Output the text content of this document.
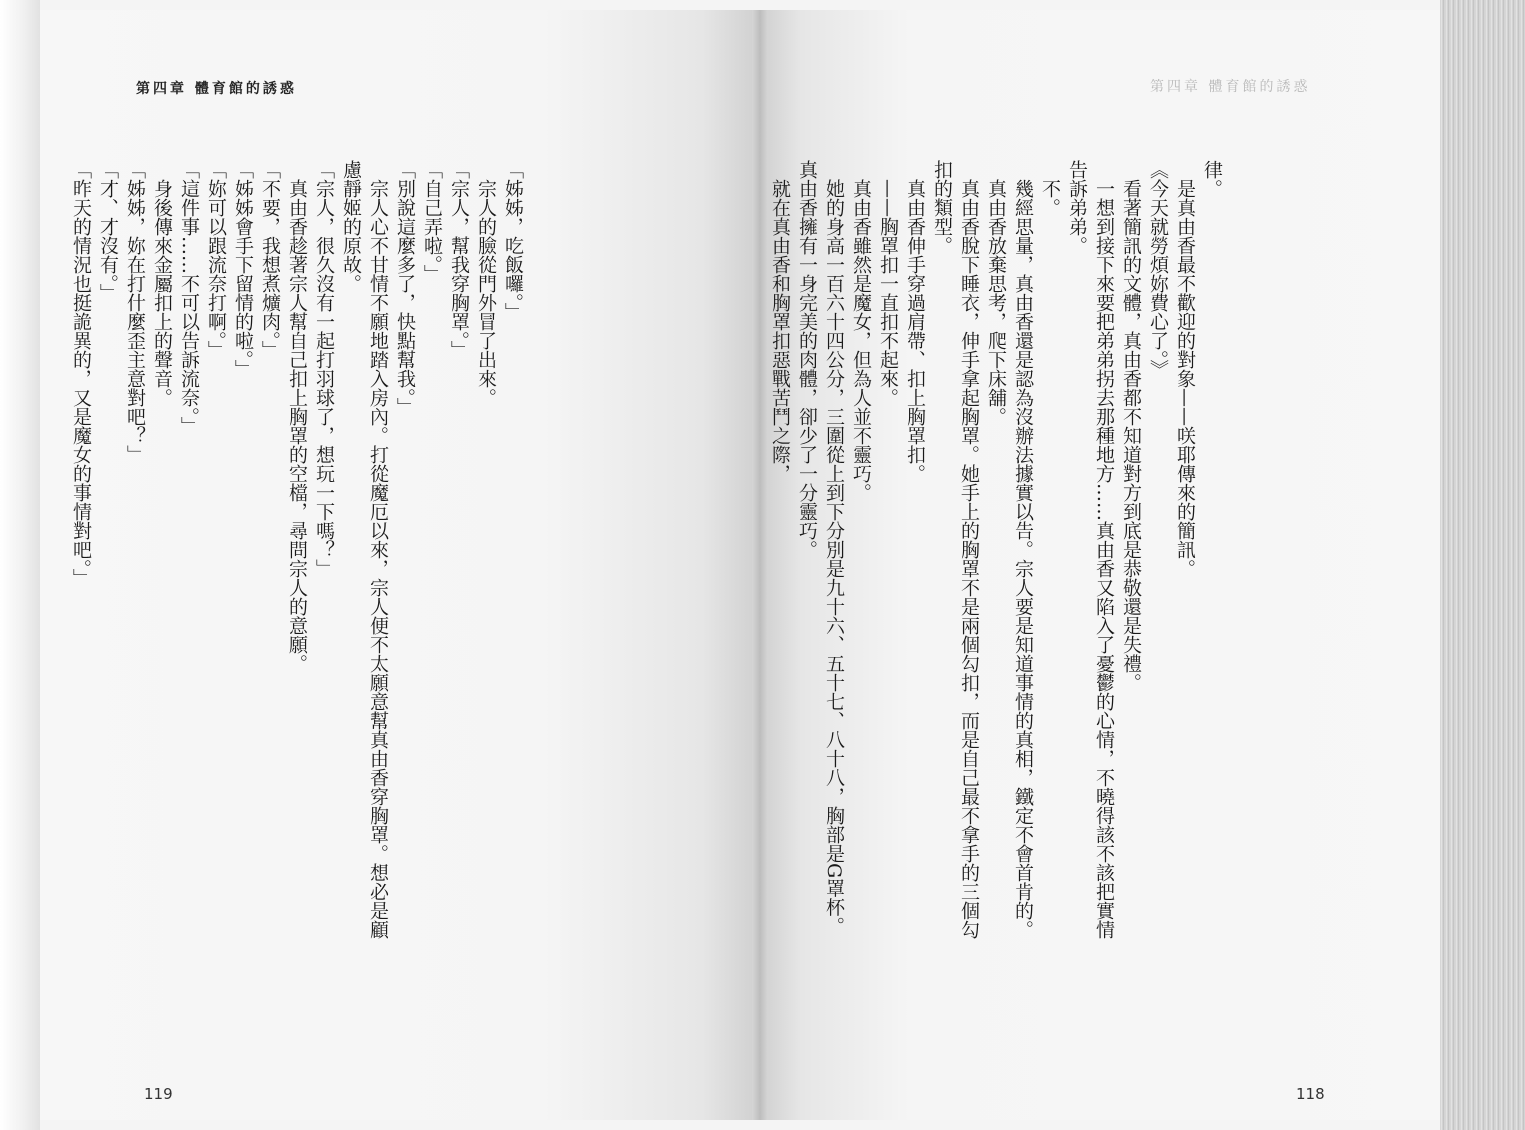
第四章 體育館的誘惑	第四章 體育館的誘惑

「姊姊，吃飯囉。」

宗人的臉從門外冒了出來。

「宗人，幫我穿胸罩。」

「自己弄啦。」

「別說這麼多了，快點幫我。」

宗人心不甘情不願地踏入房內。打從魔厄以來，宗人便不太願意幫真由香穿胸罩。想必是顧

慮靜姬的原故。

「宗人，很久沒有一起打羽球了，想玩一下嗎？」

真由香趁著宗人幫自己扣上胸罩的空檔，尋問宗人的意願。

「不要，我想煮爌肉。」

「姊姊會手下留情的啦。」

「妳可以跟流奈打啊。」

「這件事……不可以告訴流奈。」

身後傳來金屬扣上的聲音。

「姊姊，妳在打什麼歪主意對吧？」

「才、才沒有。」

「昨天的情況也挺詭異的，又是魔女的事情對吧。」	律。

是真由香最不歡迎的對象——咲耶傳來的簡訊。

《今天就勞煩妳費心了。》

看著簡訊的文體，真由香都不知道對方到底是恭敬還是失禮。

一想到接下來要把弟弟拐去那種地方……真由香又陷入了憂鬱的心情，不曉得該不該把實情

告訴弟弟。

不。

幾經思量，真由香還是認為沒辦法據實以告。宗人要是知道事情的真相，鐵定不會首肯的。

真由香放棄思考，爬下床舖。

真由香脫下睡衣，伸手拿起胸罩。她手上的胸罩不是兩個勾扣，而是自己最不拿手的三個勾

扣的類型。

真由香伸手穿過肩帶、扣上胸罩扣。

——胸罩扣一直扣不起來。

真由香雖然是魔女，但為人並不靈巧。

她的身高一百六十四公分，三圍從上到下分別是九十六、五十七、八十八，胸部是G罩杯。

真由香擁有一身完美的肉體，卻少了一分靈巧。

就在真由香和胸罩扣惡戰苦鬥之際，

119	118
